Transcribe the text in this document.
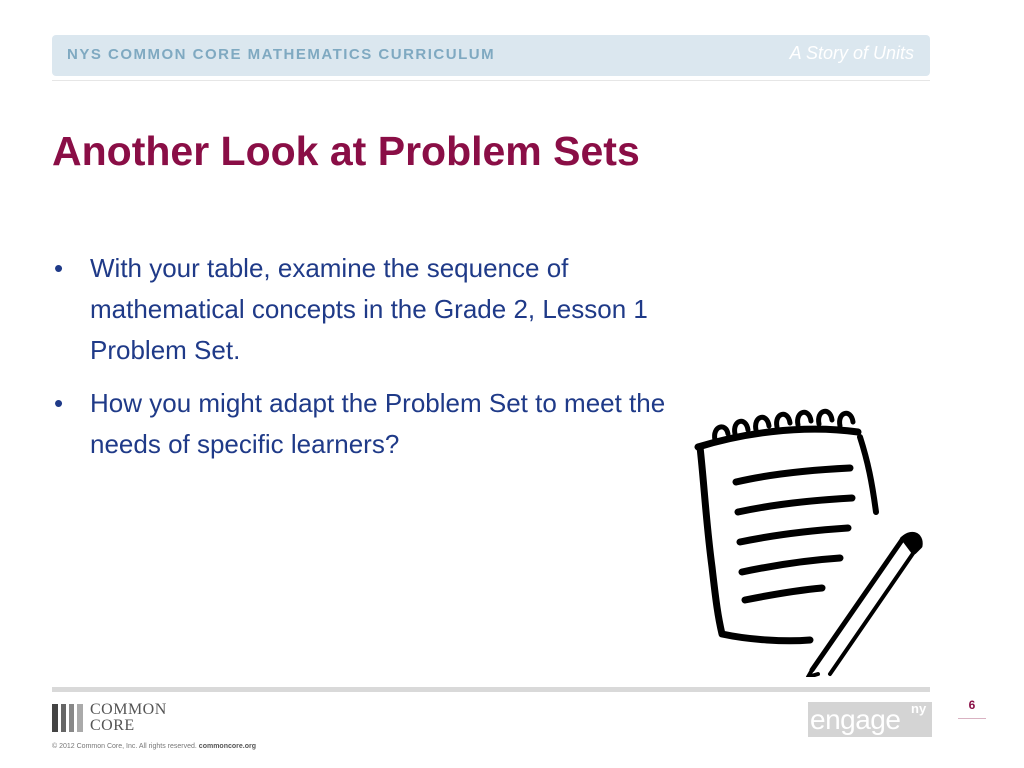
NYS COMMON CORE MATHEMATICS CURRICULUM	A Story of Units
Another Look at Problem Sets
• With your table, examine the sequence of mathematical concepts in the Grade 2, Lesson 1 Problem Set.
• How you might adapt the Problem Set to meet the needs of specific learners?
COMMON
CORE
© 2012 Common Core, Inc. All rights reserved. commoncore.org
engage ny	6
